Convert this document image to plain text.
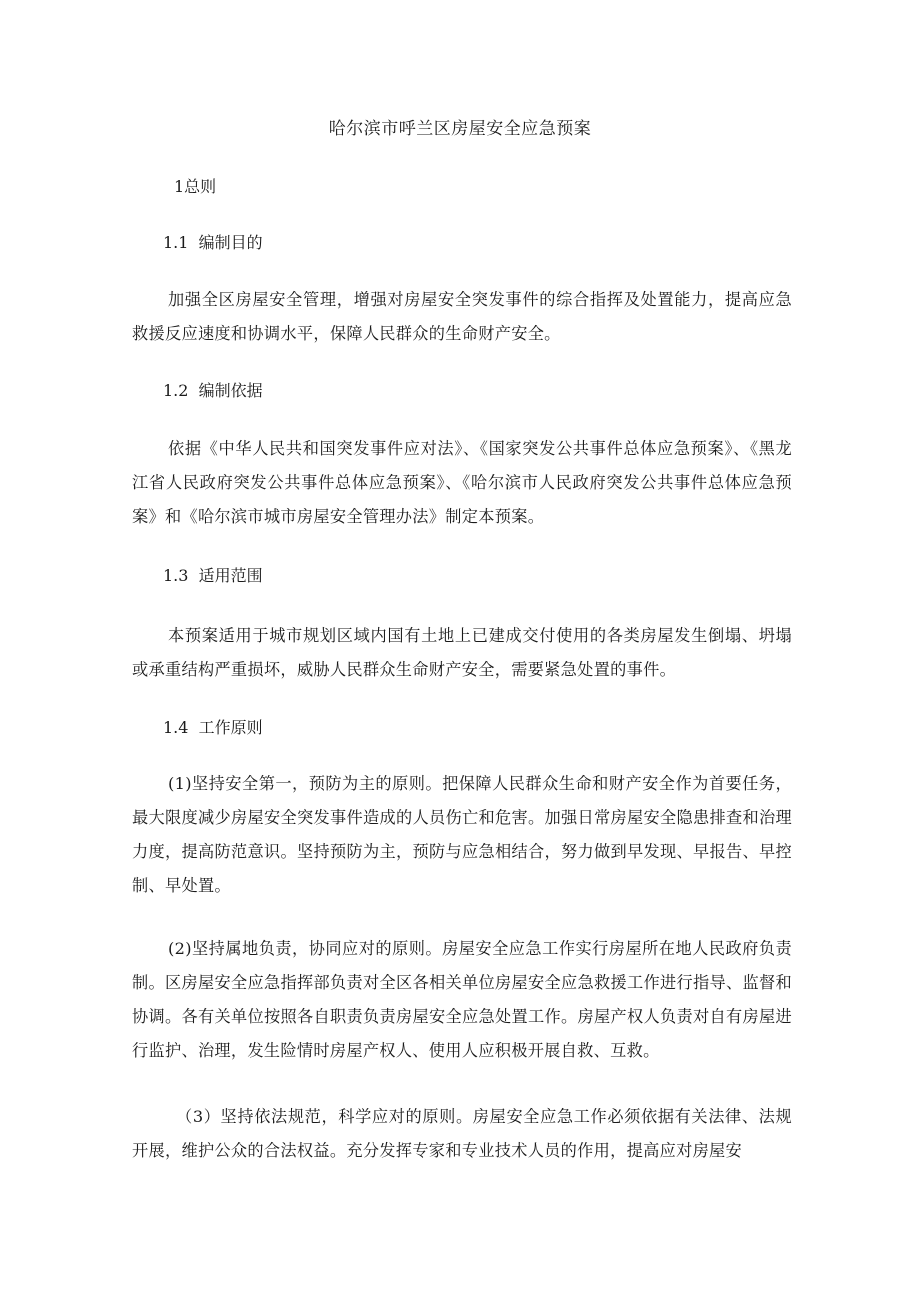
哈尔滨市呼兰区房屋安全应急预案
1总则
1.1 编制目的
加强全区房屋安全管理，增强对房屋安全突发事件的综合指挥及处置能力，提高应急救援反应速度和协调水平，保障人民群众的生命财产安全。
1.2 编制依据
依据《中华人民共和国突发事件应对法》、《国家突发公共事件总体应急预案》、《黑龙江省人民政府突发公共事件总体应急预案》、《哈尔滨市人民政府突发公共事件总体应急预案》和《哈尔滨市城市房屋安全管理办法》制定本预案。
1.3 适用范围
本预案适用于城市规划区域内国有土地上已建成交付使用的各类房屋发生倒塌、坍塌或承重结构严重损坏，威胁人民群众生命财产安全，需要紧急处置的事件。
1.4 工作原则
(1)坚持安全第一，预防为主的原则。把保障人民群众生命和财产安全作为首要任务，最大限度减少房屋安全突发事件造成的人员伤亡和危害。加强日常房屋安全隐患排查和治理力度，提高防范意识。坚持预防为主，预防与应急相结合，努力做到早发现、早报告、早控制、早处置。
(2)坚持属地负责，协同应对的原则。房屋安全应急工作实行房屋所在地人民政府负责制。区房屋安全应急指挥部负责对全区各相关单位房屋安全应急救援工作进行指导、监督和协调。各有关单位按照各自职责负责房屋安全应急处置工作。房屋产权人负责对自有房屋进行监护、治理，发生险情时房屋产权人、使用人应积极开展自救、互救。
（3）坚持依法规范，科学应对的原则。房屋安全应急工作必须依据有关法律、法规开展，维护公众的合法权益。充分发挥专家和专业技术人员的作用，提高应对房屋安
